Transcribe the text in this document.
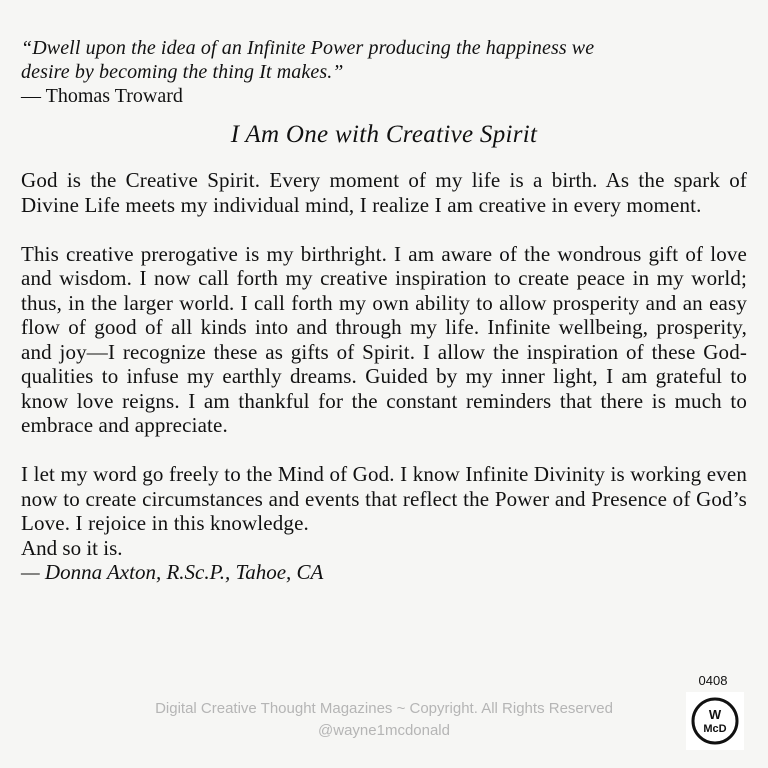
“Dwell upon the idea of an Infinite Power producing the happiness we
desire by becoming the thing It makes.”

— Thomas Troward

I Am One with Creative Spirit

God is the Creative Spirit. Every moment of my life is a birth. As the spark of Divine Life meets my individual mind, I realize I am creative in every moment.

This creative prerogative is my birthright. I am aware of the wondrous gift of love and wisdom. I now call forth my creative inspiration to create peace in my world; thus, in the larger world. I call forth my own ability to allow prosperity and an easy flow of good of all kinds into and through my life. Infinite wellbeing, prosperity, and joy—I recognize these as gifts of Spirit. I allow the inspiration of these God-qualities to infuse my earthly dreams. Guided by my inner light, I am grateful to know love reigns. I am thankful for the constant reminders that there is much to embrace and appreciate.

I let my word go freely to the Mind of God. I know Infinite Divinity is working even now to create circumstances and events that reflect the Power and Presence of God’s Love. I rejoice in this knowledge.

And so it is.

— Donna Axton, R.Sc.P., Tahoe, CA

0408
Digital Creative Thought Magazines ~ Copyright. All Rights Reserved
@wayne1mcdonald
W
McD
